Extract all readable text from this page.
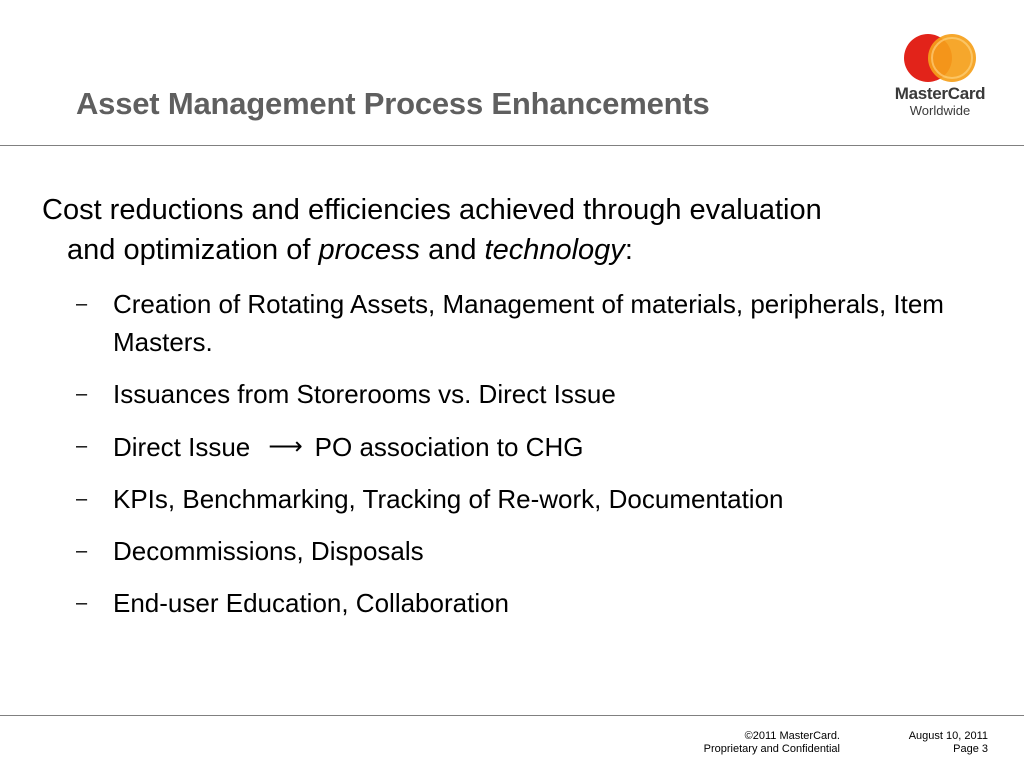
Asset Management Process Enhancements	MasterCard
Worldwide

Cost reductions and efficiencies achieved through evaluation
and optimization of process and technology:

– Creation of Rotating Assets, Management of materials, peripherals, Item Masters.
– Issuances from Storerooms vs. Direct Issue
– Direct Issue ⟶ PO association to CHG
– KPIs, Benchmarking, Tracking of Re-work, Documentation
– Decommissions, Disposals
– End-user Education, Collaboration
©2011 MasterCard.
Proprietary and Confidential
August 10, 2011
Page 3
